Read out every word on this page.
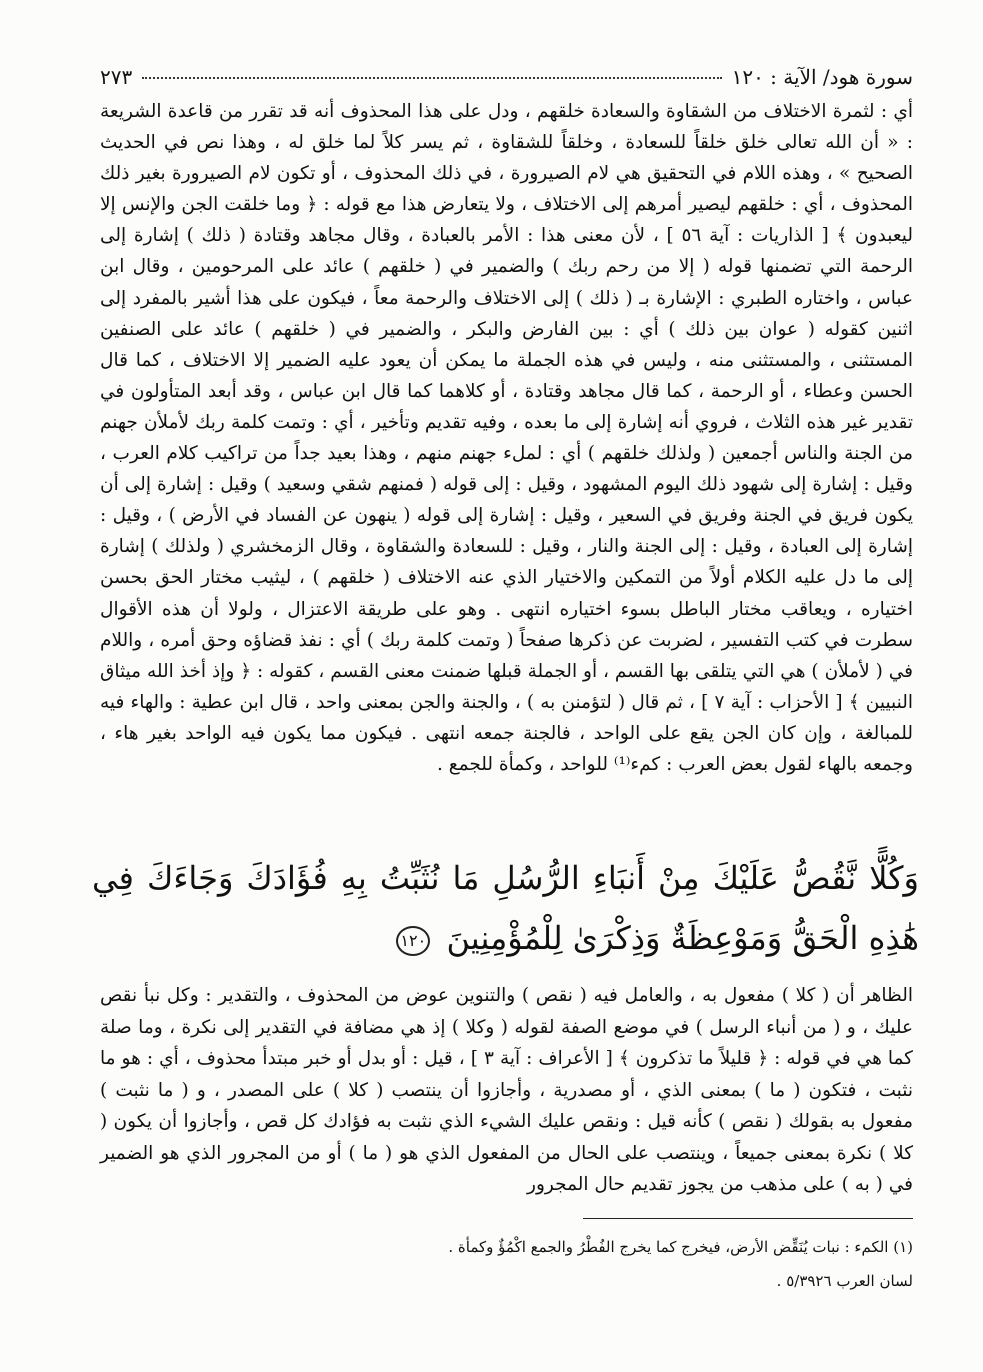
سورة هود/ الآية : ١٢٠
٢٧٣

أي : لثمرة الاختلاف من الشقاوة والسعادة خلقهم ، ودل على هذا المحذوف أنه قد تقرر من قاعدة الشريعة : « أن الله تعالى خلق خلقاً للسعادة ، وخلقاً للشقاوة ، ثم يسر كلاً لما خلق له ، وهذا نص في الحديث الصحيح » ، وهذه اللام في التحقيق هي لام الصيرورة ، في ذلك المحذوف ، أو تكون لام الصيرورة بغير ذلك المحذوف ، أي : خلقهم ليصير أمرهم إلى الاختلاف ، ولا يتعارض هذا مع قوله : ﴿ وما خلقت الجن والإنس إلا ليعبدون ﴾ [ الذاريات : آية ٥٦ ] ، لأن معنى هذا : الأمر بالعبادة ، وقال مجاهد وقتادة ( ذلك ) إشارة إلى الرحمة التي تضمنها قوله ( إلا من رحم ربك ) والضمير في ( خلقهم ) عائد على المرحومين ، وقال ابن عباس ، واختاره الطبري : الإشارة بـ ( ذلك ) إلى الاختلاف والرحمة معاً ، فيكون على هذا أشير بالمفرد إلى اثنين كقوله ( عوان بين ذلك ) أي : بين الفارض والبكر ، والضمير في ( خلقهم ) عائد على الصنفين المستثنى ، والمستثنى منه ، وليس في هذه الجملة ما يمكن أن يعود عليه الضمير إلا الاختلاف ، كما قال الحسن وعطاء ، أو الرحمة ، كما قال مجاهد وقتادة ، أو كلاهما كما قال ابن عباس ، وقد أبعد المتأولون في تقدير غير هذه الثلاث ، فروي أنه إشارة إلى ما بعده ، وفيه تقديم وتأخير ، أي : وتمت كلمة ربك لأملأن جهنم من الجنة والناس أجمعين ( ولذلك خلقهم ) أي : لملء جهنم منهم ، وهذا بعيد جداً من تراكيب كلام العرب ، وقيل : إشارة إلى شهود ذلك اليوم المشهود ، وقيل : إلى قوله ( فمنهم شقي وسعيد ) وقيل : إشارة إلى أن يكون فريق في الجنة وفريق في السعير ، وقيل : إشارة إلى قوله ( ينهون عن الفساد في الأرض ) ، وقيل : إشارة إلى العبادة ، وقيل : إلى الجنة والنار ، وقيل : للسعادة والشقاوة ، وقال الزمخشري ( ولذلك ) إشارة إلى ما دل عليه الكلام أولاً من التمكين والاختيار الذي عنه الاختلاف ( خلقهم ) ، ليثيب مختار الحق بحسن اختياره ، ويعاقب مختار الباطل بسوء اختياره انتهى . وهو على طريقة الاعتزال ، ولولا أن هذه الأقوال سطرت في كتب التفسير ، لضربت عن ذكرها صفحاً ( وتمت كلمة ربك ) أي : نفذ قضاؤه وحق أمره ، واللام في ( لأملأن ) هي التي يتلقى بها القسم ، أو الجملة قبلها ضمنت معنى القسم ، كقوله : ﴿ وإذ أخذ الله ميثاق النبيين ﴾ [ الأحزاب : آية ٧ ] ، ثم قال ( لتؤمنن به ) ، والجنة والجن بمعنى واحد ، قال ابن عطية : والهاء فيه للمبالغة ، وإن كان الجن يقع على الواحد ، فالجنة جمعه انتهى . فيكون مما يكون فيه الواحد بغير هاء ، وجمعه بالهاء لقول بعض العرب : كمء⁽¹⁾ للواحد ، وكمأة للجمع .

وَكُلًّا نَّقُصُّ عَلَيْكَ مِنْ أَنبَاءِ الرُّسُلِ مَا نُثَبِّتُ بِهِ فُؤَادَكَ وَجَاءَكَ فِي هَٰذِهِ الْحَقُّ وَمَوْعِظَةٌ وَذِكْرَىٰ لِلْمُؤْمِنِينَ ١٢٠

الظاهر أن ( كلا ) مفعول به ، والعامل فيه ( نقص ) والتنوين عوض من المحذوف ، والتقدير : وكل نبأ نقص عليك ، و ( من أنباء الرسل ) في موضع الصفة لقوله ( وكلا ) إذ هي مضافة في التقدير إلى نكرة ، وما صلة كما هي في قوله : ﴿ قليلاً ما تذكرون ﴾ [ الأعراف : آية ٣ ] ، قيل : أو بدل أو خبر مبتدأ محذوف ، أي : هو ما نثبت ، فتكون ( ما ) بمعنى الذي ، أو مصدرية ، وأجازوا أن ينتصب ( كلا ) على المصدر ، و ( ما نثبت ) مفعول به بقولك ( نقص ) كأنه قيل : ونقص عليك الشيء الذي نثبت به فؤادك كل قص ، وأجازوا أن يكون ( كلا ) نكرة بمعنى جميعاً ، وينتصب على الحال من المفعول الذي هو ( ما ) أو من المجرور الذي هو الضمير في ( به ) على مذهب من يجوز تقديم حال المجرور

(١) الكمء : نبات يُنَقِّض الأرض، فيخرج كما يخرج الفُطْرُ والجمع اكْمُؤٌ وكمأة .

لسان العرب ٥/٣٩٢٦ .
